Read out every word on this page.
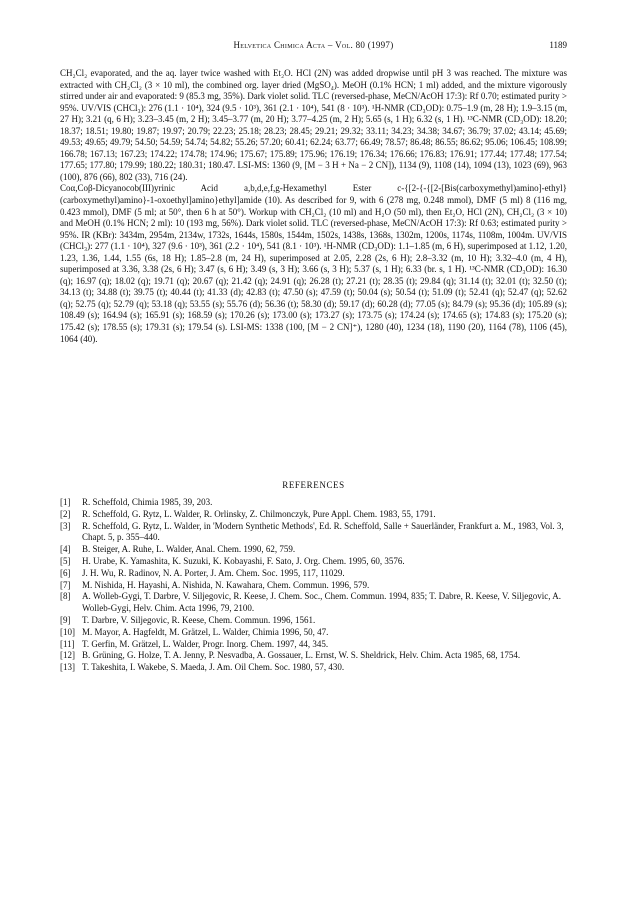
Helvetica Chimica Acta – Vol. 80 (1997)	1189

CH₂Cl₂ evaporated, and the aq. layer twice washed with Et₂O. HCl (2N) was added dropwise until pH 3 was reached. The mixture was extracted with CH₂Cl₂ (3 × 10 ml), the combined org. layer dried (MgSO₄). MeOH (0.1% HCN; 1 ml) added, and the mixture vigorously stirred under air and evaporated: 9 (85.3 mg, 35%). Dark violet solid. TLC (reversed-phase, MeCN/AcOH 17:3): Rf 0.70; estimated purity > 95%. UV/VIS (CHCl₃): 276 (1.1 · 10⁴), 324 (9.5 · 10³), 361 (2.1 · 10⁴), 541 (8 · 10³). ¹H-NMR (CD₃OD): 0.75–1.9 (m, 28 H); 1.9–3.15 (m, 27 H); 3.21 (q, 6 H); 3.23–3.45 (m, 2 H); 3.45–3.77 (m, 20 H); 3.77–4.25 (m, 2 H); 5.65 (s, 1 H); 6.32 (s, 1 H). ¹³C-NMR (CD₃OD): 18.20; 18.37; 18.51; 19.80; 19.87; 19.97; 20.79; 22.23; 25.18; 28.23; 28.45; 29.21; 29.32; 33.11; 34.23; 34.38; 34.67; 36.79; 37.02; 43.14; 45.69; 49.53; 49.65; 49.79; 54.50; 54.59; 54.74; 54.82; 55.26; 57.20; 60.41; 62.24; 63.77; 66.49; 78.57; 86.48; 86.55; 86.62; 95.06; 106.45; 108.99; 166.78; 167.13; 167.23; 174.22; 174.78; 174.96; 175.67; 175.89; 175.96; 176.19; 176.34; 176.66; 176.83; 176.91; 177.44; 177.48; 177.54; 177.65; 177.80; 179.99; 180.22; 180.31; 180.47. LSI-MS: 1360 (9, [M − 3 H + Na − 2 CN]), 1134 (9), 1108 (14), 1094 (13), 1023 (69), 963 (100), 876 (66), 802 (33), 716 (24).

Coα,Coβ-Dicyanocob(III)yrinic Acid a,b,d,e,f,g-Hexamethyl Ester c-{[2-{-{[2-[Bis(carboxymethyl)amino]-ethyl}(carboxymethyl)amino}-1-oxoethyl]amino}ethyl]amide (10). As described for 9, with 6 (278 mg, 0.248 mmol), DMF (5 ml) 8 (116 mg, 0.423 mmol), DMF (5 ml; at 50°, then 6 h at 50°). Workup with CH₂Cl₂ (10 ml) and H₂O (50 ml), then Et₂O, HCl (2N), CH₂Cl₂ (3 × 10) and MeOH (0.1% HCN; 2 ml): 10 (193 mg, 56%). Dark violet solid. TLC (reversed-phase, MeCN/AcOH 17:3): Rf 0.63; estimated purity > 95%. IR (KBr): 3434m, 2954m, 2134w, 1732s, 1644s, 1580s, 1544m, 1502s, 1438s, 1368s, 1302m, 1200s, 1174s, 1108m, 1004m. UV/VIS (CHCl₃): 277 (1.1 · 10⁴), 327 (9.6 · 10³), 361 (2.2 · 10⁴), 541 (8.1 · 10³). ¹H-NMR (CD₃OD): 1.1–1.85 (m, 6 H), superimposed at 1.12, 1.20, 1.23, 1.36, 1.44, 1.55 (6s, 18 H); 1.85–2.8 (m, 24 H), superimposed at 2.05, 2.28 (2s, 6 H); 2.8–3.32 (m, 10 H); 3.32–4.0 (m, 4 H), superimposed at 3.36, 3.38 (2s, 6 H); 3.47 (s, 6 H); 3.49 (s, 3 H); 3.66 (s, 3 H); 5.37 (s, 1 H); 6.33 (br. s, 1 H). ¹³C-NMR (CD₃OD): 16.30 (q); 16.97 (q); 18.02 (q); 19.71 (q); 20.67 (q); 21.42 (q); 24.91 (q); 26.28 (t); 27.21 (t); 28.35 (t); 29.84 (q); 31.14 (t); 32.01 (t); 32.50 (t); 34.13 (t); 34.88 (t); 39.75 (t); 40.44 (t); 41.33 (d); 42.83 (t); 47.50 (s); 47.59 (t); 50.04 (s); 50.54 (t); 51.09 (t); 52.41 (q); 52.47 (q); 52.62 (q); 52.75 (q); 52.79 (q); 53.18 (q); 53.55 (s); 55.76 (d); 56.36 (t); 58.30 (d); 59.17 (d); 60.28 (d); 77.05 (s); 84.79 (s); 95.36 (d); 105.89 (s); 108.49 (s); 164.94 (s); 165.91 (s); 168.59 (s); 170.26 (s); 173.00 (s); 173.27 (s); 173.75 (s); 174.24 (s); 174.65 (s); 174.83 (s); 175.20 (s); 175.42 (s); 178.55 (s); 179.31 (s); 179.54 (s). LSI-MS: 1338 (100, [M − 2 CN]⁺), 1280 (40), 1234 (18), 1190 (20), 1164 (78), 1106 (45), 1064 (40).

REFERENCES
[1] R. Scheffold, Chimia 1985, 39, 203.
[2] R. Scheffold, G. Rytz, L. Walder, R. Orlinsky, Z. Chilmonczyk, Pure Appl. Chem. 1983, 55, 1791.
[3] R. Scheffold, G. Rytz, L. Walder, in 'Modern Synthetic Methods', Ed. R. Scheffold, Salle + Sauerländer, Frankfurt a. M., 1983, Vol. 3, Chapt. 5, p. 355–440.
[4] B. Steiger, A. Ruhe, L. Walder, Anal. Chem. 1990, 62, 759.
[5] H. Urabe, K. Yamashita, K. Suzuki, K. Kobayashi, F. Sato, J. Org. Chem. 1995, 60, 3576.
[6] J. H. Wu, R. Radinov, N. A. Porter, J. Am. Chem. Soc. 1995, 117, 11029.
[7] M. Nishida, H. Hayashi, A. Nishida, N. Kawahara, Chem. Commun. 1996, 579.
[8] A. Wolleb-Gygi, T. Darbre, V. Siljegovic, R. Keese, J. Chem. Soc., Chem. Commun. 1994, 835; T. Dabre, R. Keese, V. Siljegovic, A. Wolleb-Gygi, Helv. Chim. Acta 1996, 79, 2100.
[9] T. Darbre, V. Siljegovic, R. Keese, Chem. Commun. 1996, 1561.
[10] M. Mayor, A. Hagfeldt, M. Grätzel, L. Walder, Chimia 1996, 50, 47.
[11] T. Gerfin, M. Grätzel, L. Walder, Progr. Inorg. Chem. 1997, 44, 345.
[12] B. Grüning, G. Holze, T. A. Jenny, P. Nesvadba, A. Gossauer, L. Ernst, W. S. Sheldrick, Helv. Chim. Acta 1985, 68, 1754.
[13] T. Takeshita, I. Wakebe, S. Maeda, J. Am. Oil Chem. Soc. 1980, 57, 430.
